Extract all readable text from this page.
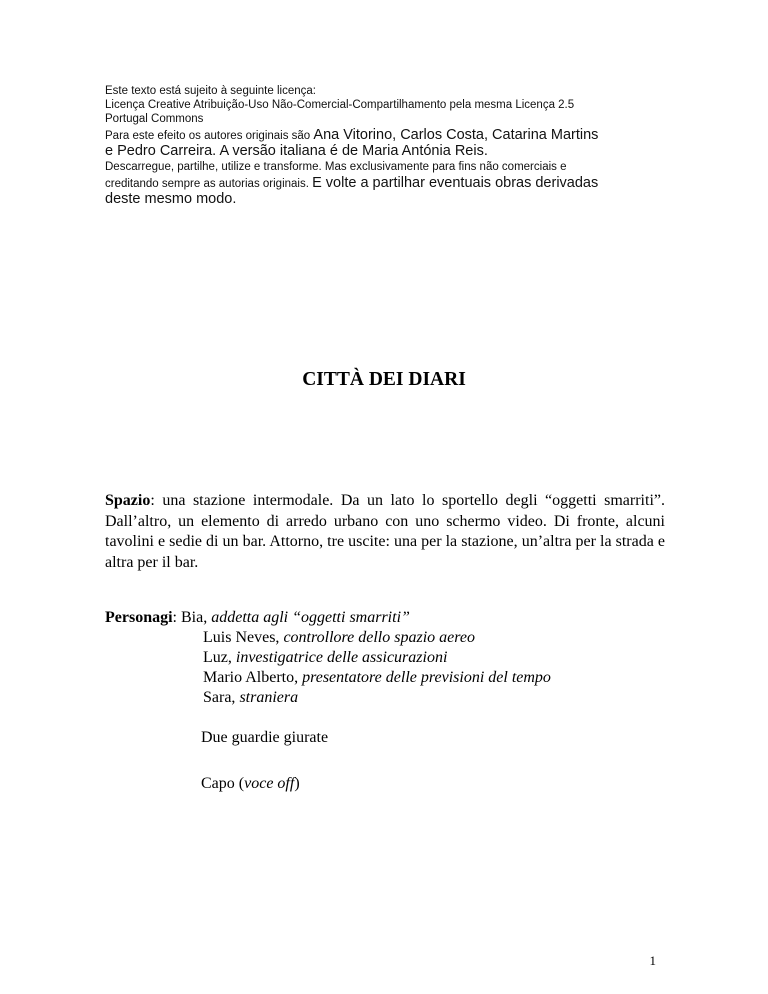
Este texto está sujeito à seguinte licença:
Licença Creative Atribuição-Uso Não-Comercial-Compartilhamento pela mesma Licença 2.5
Portugal Commons
Para este efeito os autores originais são Ana Vitorino, Carlos Costa, Catarina Martins
e Pedro Carreira. A versão italiana é de Maria Antónia Reis.
Descarregue, partilhe, utilize e transforme. Mas exclusivamente para fins não comerciais e
creditando sempre as autorias originais. E volte a partilhar eventuais obras derivadas
deste mesmo modo.
CITTÀ DEI DIARI

Spazio: una stazione intermodale. Da un lato lo sportello degli “oggetti smarriti”. Dall’altro, un elemento di arredo urbano con uno schermo video. Di fronte, alcuni tavolini e sedie di un bar. Attorno, tre uscite: una per la stazione, un’altra per la strada e altra per il bar.

Personagi: Bia, addetta agli “oggetti smarriti”
Luis Neves, controllore dello spazio aereo
Luz, investigatrice delle assicurazioni
Mario Alberto, presentatore delle previsioni del tempo
Sara, straniera
Due guardie giurate
Capo (voce off)
1
